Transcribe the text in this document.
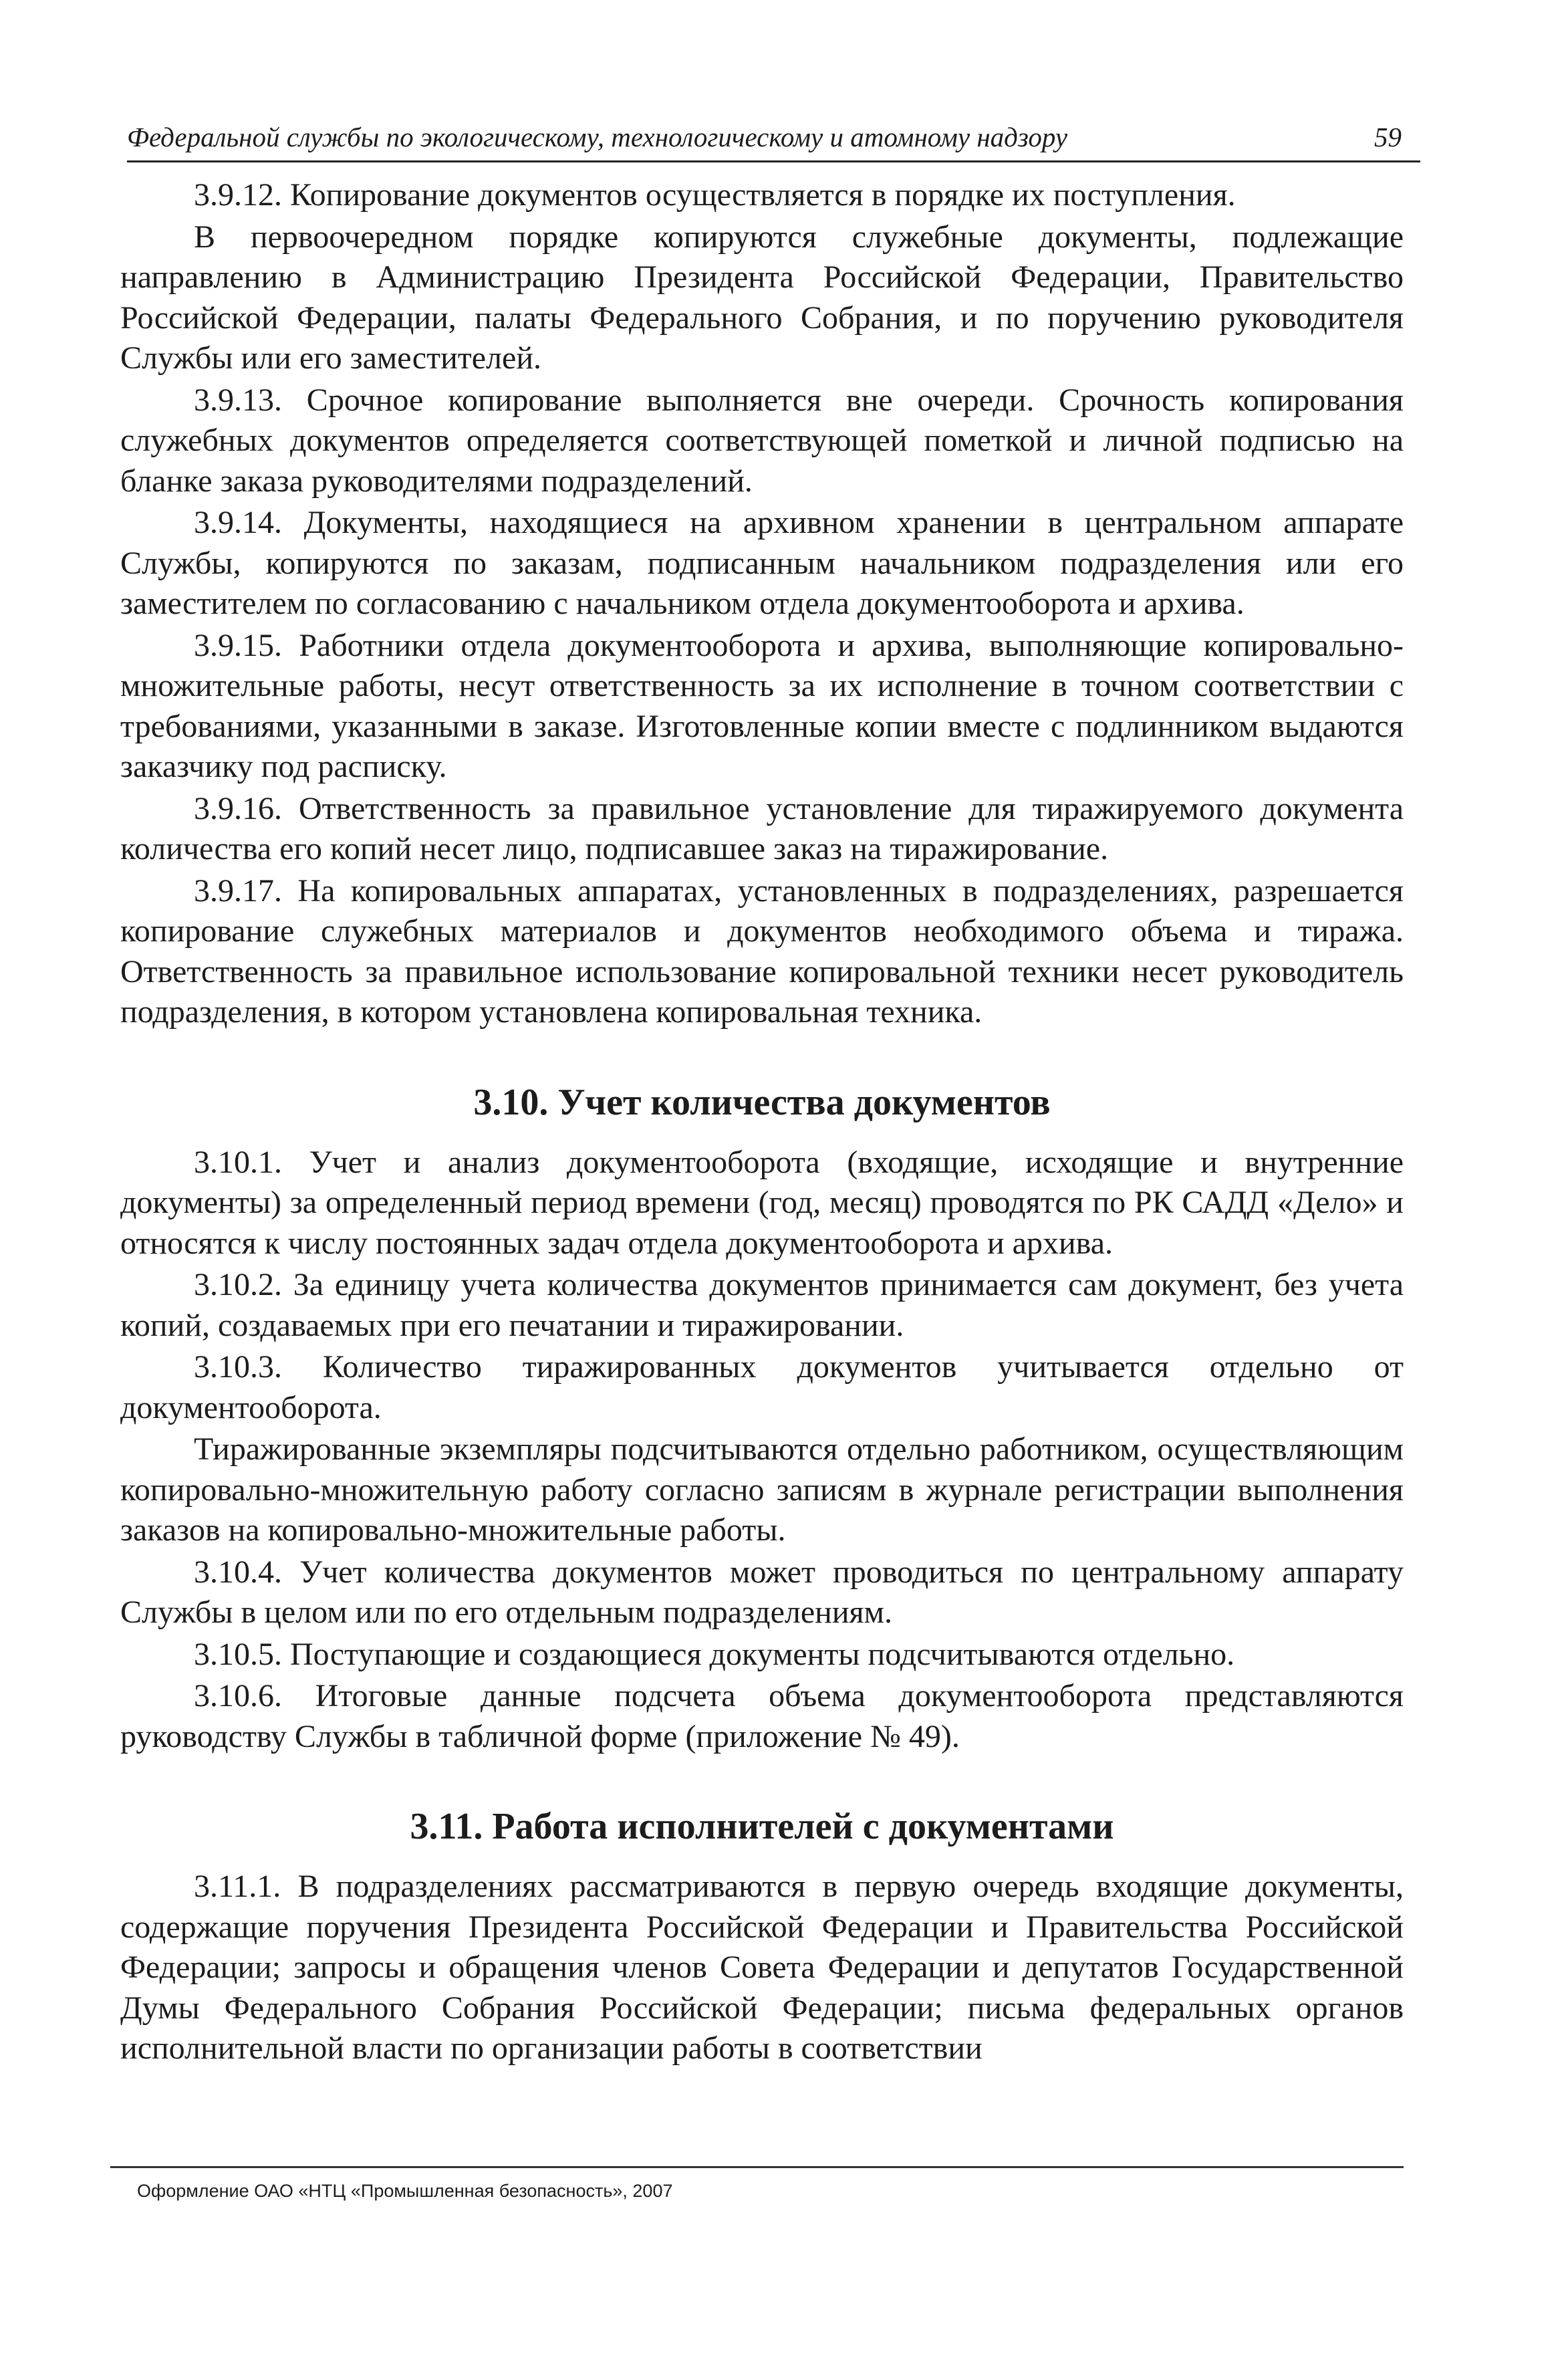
Федеральной службы по экологическому, технологическому и атомному надзору	59

3.9.12. Копирование документов осуществляется в порядке их поступления.

В первоочередном порядке копируются служебные документы, подлежащие направлению в Администрацию Президента Российской Федерации, Правительство Российской Федерации, палаты Федерального Собрания, и по поручению руководителя Службы или его заместителей.

3.9.13. Срочное копирование выполняется вне очереди. Срочность копирования служебных документов определяется соответствующей пометкой и личной подписью на бланке заказа руководителями подразделений.

3.9.14. Документы, находящиеся на архивном хранении в центральном аппарате Службы, копируются по заказам, подписанным начальником подразделения или его заместителем по согласованию с начальником отдела документооборота и архива.

3.9.15. Работники отдела документооборота и архива, выполняющие копировально-множительные работы, несут ответственность за их исполнение в точном соответствии с требованиями, указанными в заказе. Изготовленные копии вместе с подлинником выдаются заказчику под расписку.

3.9.16. Ответственность за правильное установление для тиражируемого документа количества его копий несет лицо, подписавшее заказ на тиражирование.

3.9.17. На копировальных аппаратах, установленных в подразделениях, разрешается копирование служебных материалов и документов необходимого объема и тиража. Ответственность за правильное использование копировальной техники несет руководитель подразделения, в котором установлена копировальная техника.

3.10. Учет количества документов

3.10.1. Учет и анализ документооборота (входящие, исходящие и внутренние документы) за определенный период времени (год, месяц) проводятся по РК САДД «Дело» и относятся к числу постоянных задач отдела документооборота и архива.

3.10.2. За единицу учета количества документов принимается сам документ, без учета копий, создаваемых при его печатании и тиражировании.

3.10.3. Количество тиражированных документов учитывается отдельно от документооборота.

Тиражированные экземпляры подсчитываются отдельно работником, осуществляющим копировально-множительную работу согласно записям в журнале регистрации выполнения заказов на копировально-множительные работы.

3.10.4. Учет количества документов может проводиться по центральному аппарату Службы в целом или по его отдельным подразделениям.

3.10.5. Поступающие и создающиеся документы подсчитываются отдельно.

3.10.6. Итоговые данные подсчета объема документооборота представляются руководству Службы в табличной форме (приложение № 49).

3.11. Работа исполнителей с документами

3.11.1. В подразделениях рассматриваются в первую очередь входящие документы, содержащие поручения Президента Российской Федерации и Правительства Российской Федерации; запросы и обращения членов Совета Федерации и депутатов Государственной Думы Федерального Собрания Российской Федерации; письма федеральных органов исполнительной власти по организации работы в соответствии

Оформление ОАО «НТЦ «Промышленная безопасность», 2007
